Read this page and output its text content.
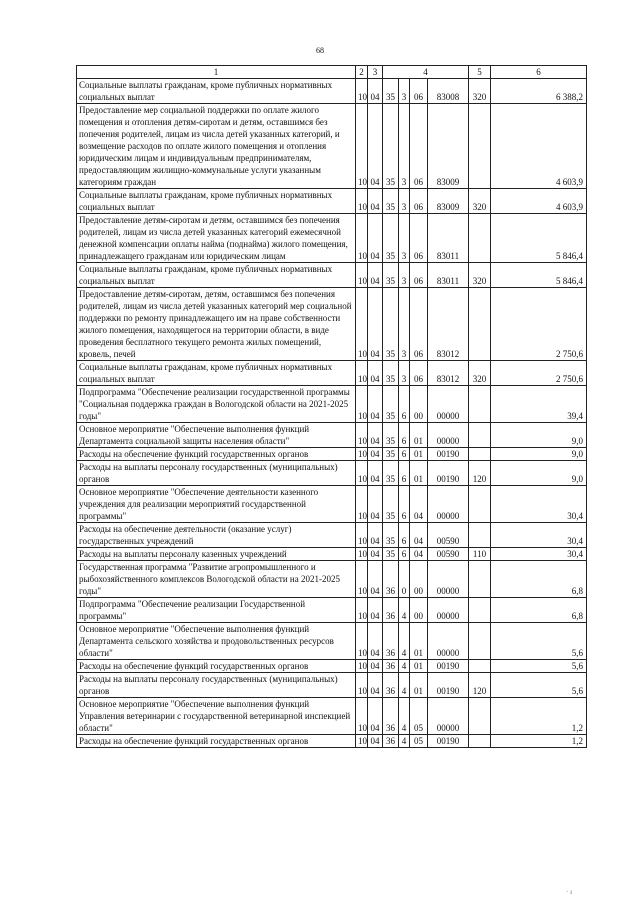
68
1	2	3	4				5	6
Социальные выплаты гражданам, кроме публичных нормативных социальных выплат	10	04	35	3	06	83008	320	6 388,2
Предоставление мер социальной поддержки по оплате жилого помещения и отопления детям-сиротам и детям, оставшимся без попечения родителей, лицам из числа детей указанных категорий, и возмещение расходов по оплате жилого помещения и отопления юридическим лицам и индивидуальным предпринимателям, предоставляющим жилищно-коммунальные услуги указанным категориям граждан	10	04	35	3	06	83009		4 603,9
Социальные выплаты гражданам, кроме публичных нормативных социальных выплат	10	04	35	3	06	83009	320	4 603,9
Предоставление детям-сиротам и детям, оставшимся без попечения родителей, лицам из числа детей указанных категорий ежемесячной денежной компенсации оплаты найма (поднайма) жилого помещения, принадлежащего гражданам или юридическим лицам	10	04	35	3	06	83011		5 846,4
Социальные выплаты гражданам, кроме публичных нормативных социальных выплат	10	04	35	3	06	83011	320	5 846,4
Предоставление детям-сиротам, детям, оставшимся без попечения родителей, лицам из числа детей указанных категорий мер социальной поддержки по ремонту принадлежащего им на праве собственности жилого помещения, находящегося на территории области, в виде проведения бесплатного текущего ремонта жилых помещений, кровель, печей	10	04	35	3	06	83012		2 750,6
Социальные выплаты гражданам, кроме публичных нормативных социальных выплат	10	04	35	3	06	83012	320	2 750,6
Подпрограмма "Обеспечение реализации государственной программы "Социальная поддержка граждан в Вологодской области на 2021-2025 годы"	10	04	35	6	00	00000		39,4
Основное мероприятие "Обеспечение выполнения функций Департамента социальной защиты населения области"	10	04	35	6	01	00000		9,0
Расходы на обеспечение функций государственных органов	10	04	35	6	01	00190		9,0
Расходы на выплаты персоналу государственных (муниципальных) органов	10	04	35	6	01	00190	120	9,0
Основное мероприятие "Обеспечение деятельности казенного учреждения для реализации мероприятий государственной программы"	10	04	35	6	04	00000		30,4
Расходы на обеспечение деятельности (оказание услуг) государственных учреждений	10	04	35	6	04	00590		30,4
Расходы на выплаты персоналу казенных учреждений	10	04	35	6	04	00590	110	30,4
Государственная программа "Развитие агропромышленного и рыбохозяйственного комплексов Вологодской области на 2021-2025 годы"	10	04	36	0	00	00000		6,8
Подпрограмма "Обеспечение реализации Государственной программы"	10	04	36	4	00	00000		6,8
Основное мероприятие "Обеспечение выполнения функций Департамента сельского хозяйства и продовольственных ресурсов области"	10	04	36	4	01	00000		5,6
Расходы на обеспечение функций государственных органов	10	04	36	4	01	00190		5,6
Расходы на выплаты персоналу государственных (муниципальных) органов	10	04	36	4	01	00190	120	5,6
Основное мероприятие "Обеспечение выполнения функций Управления ветеринарии с государственной ветеринарной инспекцией области"	10	04	36	4	05	00000		1,2
Расходы на обеспечение функций государственных органов	10	04	36	4	05	00190		1,2
· ı
